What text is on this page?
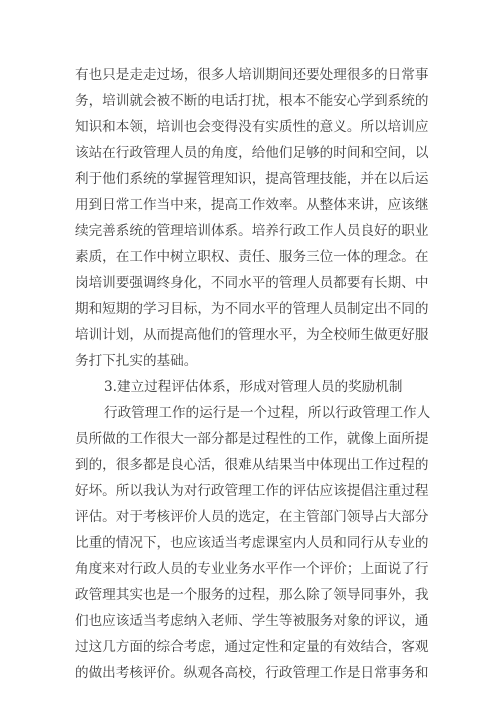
有也只是走走过场，很多人培训期间还要处理很多的日常事
务，培训就会被不断的电话打扰，根本不能安心学到系统的
知识和本领，培训也会变得没有实质性的意义。所以培训应
该站在行政管理人员的角度，给他们足够的时间和空间，以
利于他们系统的掌握管理知识，提高管理技能，并在以后运
用到日常工作当中来，提高工作效率。从整体来讲，应该继
续完善系统的管理培训体系。培养行政工作人员良好的职业
素质，在工作中树立职权、责任、服务三位一体的理念。在
岗培训要强调终身化，不同水平的管理人员都要有长期、中
期和短期的学习目标，为不同水平的管理人员制定出不同的
培训计划，从而提高他们的管理水平，为全校师生做更好服
务打下扎实的基础。
3.建立过程评估体系，形成对管理人员的奖励机制
行政管理工作的运行是一个过程，所以行政管理工作人
员所做的工作很大一部分都是过程性的工作，就像上面所提
到的，很多都是良心活，很难从结果当中体现出工作过程的
好坏。所以我认为对行政管理工作的评估应该提倡注重过程
评估。对于考核评价人员的选定，在主管部门领导占大部分
比重的情况下，也应该适当考虑课室内人员和同行从专业的
角度来对行政人员的专业业务水平作一个评价；上面说了行
政管理其实也是一个服务的过程，那么除了领导同事外，我
们也应该适当考虑纳入老师、学生等被服务对象的评议，通
过这几方面的综合考虑，通过定性和定量的有效结合，客观
的做出考核评价。纵观各高校，行政管理工作是日常事务和
